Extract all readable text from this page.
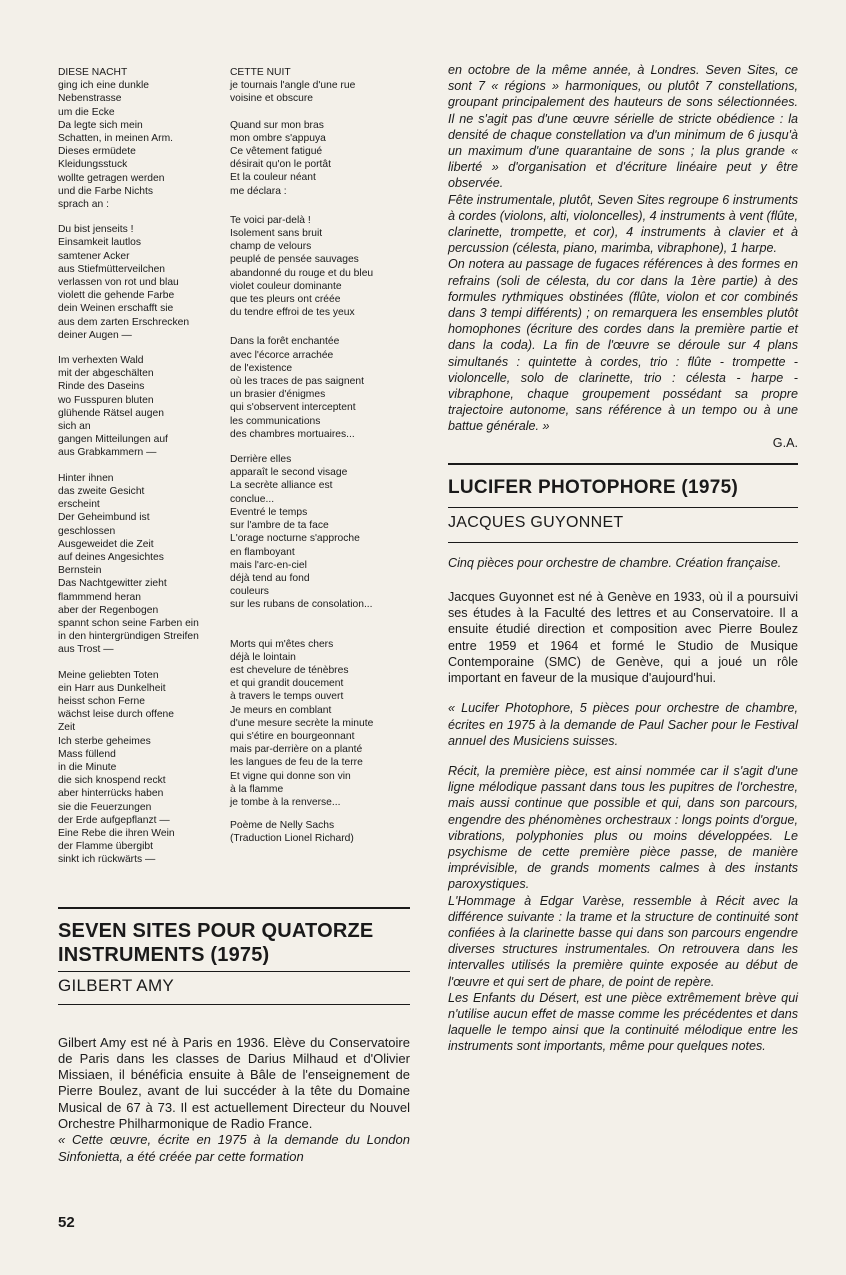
DIESE NACHT
ging ich eine dunkle
Nebenstrasse
um die Ecke
Da legte sich mein
Schatten, in meinen Arm.
Dieses ermüdete
Kleidungsstuck
wollte getragen werden
und die Farbe Nichts
sprach an :
Du bist jenseits !
Einsamkeit lautlos
samtener Acker
aus Stiefmütterveilchen
verlassen von rot und blau
violett die gehende Farbe
dein Weinen erschafft sie
aus dem zarten Erschrecken
deiner Augen —
Im verhexten Wald
mit der abgeschälten
Rinde des Daseins
wo Fusspuren bluten
glühende Rätsel augen
sich an
gangen Mitteilungen auf
aus Grabkammern —
Hinter ihnen
das zweite Gesicht
erscheint
Der Geheimbund ist
geschlossen
Ausgeweidet die Zeit
auf deines Angesichtes
Bernstein
Das Nachtgewitter zieht
flammmend heran
aber der Regenbogen
spannt schon seine Farben ein
in den hintergründigen Streifen
aus Trost —
Meine geliebten Toten
ein Harr aus Dunkelheit
heisst schon Ferne
wächst leise durch offene
Zeit
Ich sterbe geheimes
Mass füllend
in die Minute
die sich knospend reckt
aber hinterrücks haben
sie die Feuerzungen
der Erde aufgepflanzt —
Eine Rebe die ihren Wein
der Flamme übergibt
sinkt ich rückwärts —
CETTE NUIT
je tournais l'angle d'une rue
voisine et obscure
Quand sur mon bras
mon ombre s'appuya
Ce vêtement fatigué
désirait qu'on le portât
Et la couleur néant
me déclara :
Te voici par-delà !
Isolement sans bruit
champ de velours
peuplé de pensée sauvages
abandonné du rouge et du bleu
violet couleur dominante
que tes pleurs ont créée
du tendre effroi de tes yeux
Dans la forêt enchantée
avec l'écorce arrachée
de l'existence
où les traces de pas saignent
un brasier d'énigmes
qui s'observent interceptent
les communications
des chambres mortuaires...
Derrière elles
apparaît le second visage
La secrète alliance est
conclue...
Eventré le temps
sur l'ambre de ta face
L'orage nocturne s'approche
en flamboyant
mais l'arc-en-ciel
déjà tend au fond
couleurs
sur les rubans de consolation...
Morts qui m'êtes chers
déjà le lointain
est chevelure de ténèbres
et qui grandit doucement
à travers le temps ouvert
Je meurs en comblant
d'une mesure secrète la minute
qui s'étire en bourgeonnant
mais par-derrière on a planté
les langues de feu de la terre
Et vigne qui donne son vin
à la flamme
je tombe à la renverse...
Poème de Nelly Sachs
(Traduction Lionel Richard)
SEVEN SITES POUR QUATORZE
INSTRUMENTS (1975)
GILBERT AMY

Gilbert Amy est né à Paris en 1936. Elève du Conservatoire de Paris dans les classes de Darius Milhaud et d'Olivier Missiaen, il bénéficia ensuite à Bâle de l'enseignement de Pierre Boulez, avant de lui succéder à la tête du Domaine Musical de 67 à 73. Il est actuellement Directeur du Nouvel Orchestre Philharmonique de Radio France.

« Cette œuvre, écrite en 1975 à la demande du London Sinfonietta, a été créée par cette formation

en octobre de la même année, à Londres. Seven Sites, ce sont 7 « régions » harmoniques, ou plutôt 7 constellations, groupant principalement des hauteurs de sons sélectionnées. Il ne s'agit pas d'une œuvre sérielle de stricte obédience : la densité de chaque constellation va d'un minimum de 6 jusqu'à un maximum d'une quarantaine de sons ; la plus grande « liberté » d'organisation et d'écriture linéaire peut y être observée.

Fête instrumentale, plutôt, Seven Sites regroupe 6 instruments à cordes (violons, alti, violoncelles), 4 instruments à vent (flûte, clarinette, trompette, et cor), 4 instruments à clavier et à percussion (célesta, piano, marimba, vibraphone), 1 harpe.

On notera au passage de fugaces références à des formes en refrains (soli de célesta, du cor dans la 1ère partie) à des formules rythmiques obstinées (flûte, violon et cor combinés dans 3 tempi différents) ; on remarquera les ensembles plutôt homophones (écriture des cordes dans la première partie et dans la coda). La fin de l'œuvre se déroule sur 4 plans simultanés : quintette à cordes, trio : flûte - trompette - violoncelle, solo de clarinette, trio : célesta - harpe - vibraphone, chaque groupement possédant sa propre trajectoire autonome, sans référence à un tempo ou à une battue générale. »

G.A.

LUCIFER PHOTOPHORE (1975)
JACQUES GUYONNET

Cinq pièces pour orchestre de chambre. Création française.

Jacques Guyonnet est né à Genève en 1933, où il a poursuivi ses études à la Faculté des lettres et au Conservatoire. Il a ensuite étudié direction et composition avec Pierre Boulez entre 1959 et 1964 et formé le Studio de Musique Contemporaine (SMC) de Genève, qui a joué un rôle important en faveur de la musique d'aujourd'hui.

« Lucifer Photophore, 5 pièces pour orchestre de chambre, écrites en 1975 à la demande de Paul Sacher pour le Festival annuel des Musiciens suisses.

Récit, la première pièce, est ainsi nommée car il s'agit d'une ligne mélodique passant dans tous les pupitres de l'orchestre, mais aussi continue que possible et qui, dans son parcours, engendre des phénomènes orchestraux : longs points d'orgue, vibrations, polyphonies plus ou moins développées. Le psychisme de cette première pièce passe, de manière imprévisible, de grands moments calmes à des instants paroxystiques.

L'Hommage à Edgar Varèse, ressemble à Récit avec la différence suivante : la trame et la structure de continuité sont confiées à la clarinette basse qui dans son parcours engendre diverses structures instrumentales. On retrouvera dans les intervalles utilisés la première quinte exposée au début de l'œuvre et qui sert de phare, de point de repère.

Les Enfants du Désert, est une pièce extrêmement brève qui n'utilise aucun effet de masse comme les précédentes et dans laquelle le tempo ainsi que la continuité mélodique entre les instruments sont importants, même pour quelques notes.

52
